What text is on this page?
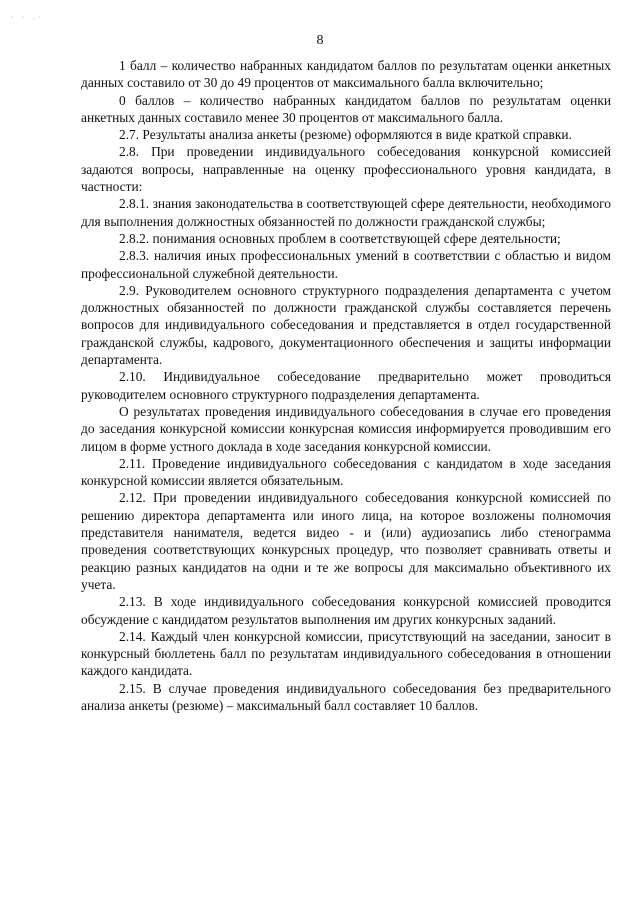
· · .·
8

1 балл – количество набранных кандидатом баллов по результатам оценки анкетных данных составило от 30 до 49 процентов от максимального балла включительно;

0 баллов – количество набранных кандидатом баллов по результатам оценки анкетных данных составило менее 30 процентов от максимального балла.

2.7. Результаты анализа анкеты (резюме) оформляются в виде краткой справки.

2.8. При проведении индивидуального собеседования конкурсной комиссией задаются вопросы, направленные на оценку профессионального уровня кандидата, в частности:

2.8.1. знания законодательства в соответствующей сфере деятельности, необходимого для выполнения должностных обязанностей по должности гражданской службы;

2.8.2. понимания основных проблем в соответствующей сфере деятельности;

2.8.3. наличия иных профессиональных умений в соответствии с областью и видом профессиональной служебной деятельности.

2.9. Руководителем основного структурного подразделения департамента с учетом должностных обязанностей по должности гражданской службы составляется перечень вопросов для индивидуального собеседования и представляется в отдел государственной гражданской службы, кадрового, документационного обеспечения и защиты информации департамента.

2.10. Индивидуальное собеседование предварительно может проводиться руководителем основного структурного подразделения департамента.

О результатах проведения индивидуального собеседования в случае его проведения до заседания конкурсной комиссии конкурсная комиссия информируется проводившим его лицом в форме устного доклада в ходе заседания конкурсной комиссии.

2.11. Проведение индивидуального собеседования с кандидатом в ходе заседания конкурсной комиссии является обязательным.

2.12. При проведении индивидуального собеседования конкурсной комиссией по решению директора департамента или иного лица, на которое возложены полномочия представителя нанимателя, ведется видео - и (или) аудиозапись либо стенограмма проведения соответствующих конкурсных процедур, что позволяет сравнивать ответы и реакцию разных кандидатов на одни и те же вопросы для максимально объективного их учета.

2.13. В ходе индивидуального собеседования конкурсной комиссией проводится обсуждение с кандидатом результатов выполнения им других конкурсных заданий.

2.14. Каждый член конкурсной комиссии, присутствующий на заседании, заносит в конкурсный бюллетень балл по результатам индивидуального собеседования в отношении каждого кандидата.

2.15. В случае проведения индивидуального собеседования без предварительного анализа анкеты (резюме) – максимальный балл составляет 10 баллов.
